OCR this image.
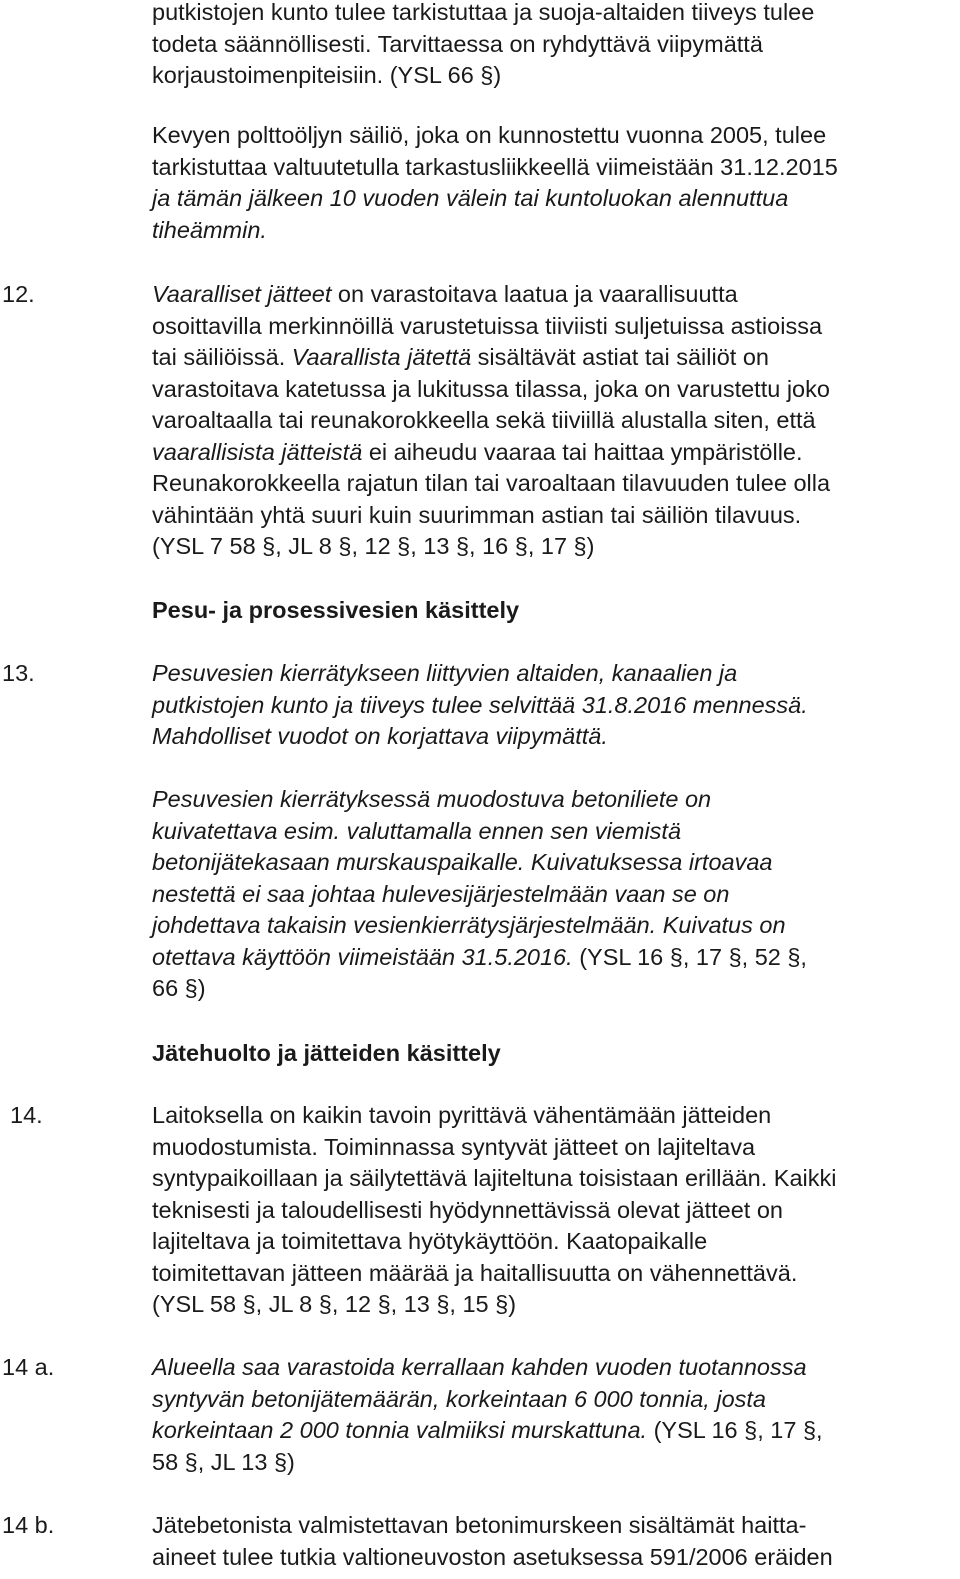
putkistojen kunto tulee tarkistuttaa ja suoja-altaiden tiiveys tulee
todeta säännöllisesti. Tarvittaessa on ryhdyttävä viipymättä
korjaustoimenpiteisiin. (YSL 66 §)
Kevyen polttoöljyn säiliö, joka on kunnostettu vuonna 2005, tulee
tarkistuttaa valtuutetulla tarkastusliikkeellä viimeistään 31.12.2015
ja tämän jälkeen 10 vuoden välein tai kuntoluokan alennuttua
tiheämmin.
12.	Vaaralliset jätteet on varastoitava laatua ja vaarallisuutta
osoittavilla merkinnöillä varustetuissa tiiviisti suljetuissa astioissa
tai säiliöissä. Vaarallista jätettä sisältävät astiat tai säiliöt on
varastoitava katetussa ja lukitussa tilassa, joka on varustettu joko
varoaltaalla tai reunakorokkeella sekä tiiviillä alustalla siten, että
vaarallisista jätteistä ei aiheudu vaaraa tai haittaa ympäristölle.
Reunakorokkeella rajatun tilan tai varoaltaan tilavuuden tulee olla
vähintään yhtä suuri kuin suurimman astian tai säiliön tilavuus.
(YSL 7 58 §, JL 8 §, 12 §, 13 §, 16 §, 17 §)
Pesu- ja prosessivesien käsittely
13.	Pesuvesien kierrätykseen liittyvien altaiden, kanaalien ja
putkistojen kunto ja tiiveys tulee selvittää 31.8.2016 mennessä.
Mahdolliset vuodot on korjattava viipymättä.
Pesuvesien kierrätyksessä muodostuva betoniliete on
kuivatettava esim. valuttamalla ennen sen viemistä
betonijätekasaan murskauspaikalle. Kuivatuksessa irtoavaa
nestettä ei saa johtaa hulevesijärjestelmään vaan se on
johdettava takaisin vesienkierrätysjärjestelmään. Kuivatus on
otettava käyttöön viimeistään 31.5.2016. (YSL 16 §, 17 §, 52 §,
66 §)
Jätehuolto ja jätteiden käsittely
14.	Laitoksella on kaikin tavoin pyrittävä vähentämään jätteiden
muodostumista. Toiminnassa syntyvät jätteet on lajiteltava
syntypaikoillaan ja säilytettävä lajiteltuna toisistaan erillään. Kaikki
teknisesti ja taloudellisesti hyödynnettävissä olevat jätteet on
lajiteltava ja toimitettava hyötykäyttöön. Kaatopaikalle
toimitettavan jätteen määrää ja haitallisuutta on vähennettävä.
(YSL 58 §, JL 8 §, 12 §, 13 §, 15 §)
14 a.	Alueella saa varastoida kerrallaan kahden vuoden tuotannossa
syntyvän betonijätemäärän, korkeintaan 6 000 tonnia, josta
korkeintaan 2 000 tonnia valmiiksi murskattuna. (YSL 16 §, 17 §,
58 §, JL 13 §)
14 b.	Jätebetonista valmistettavan betonimurskeen sisältämät haitta-
aineet tulee tutkia valtioneuvoston asetuksessa 591/2006 eräiden
